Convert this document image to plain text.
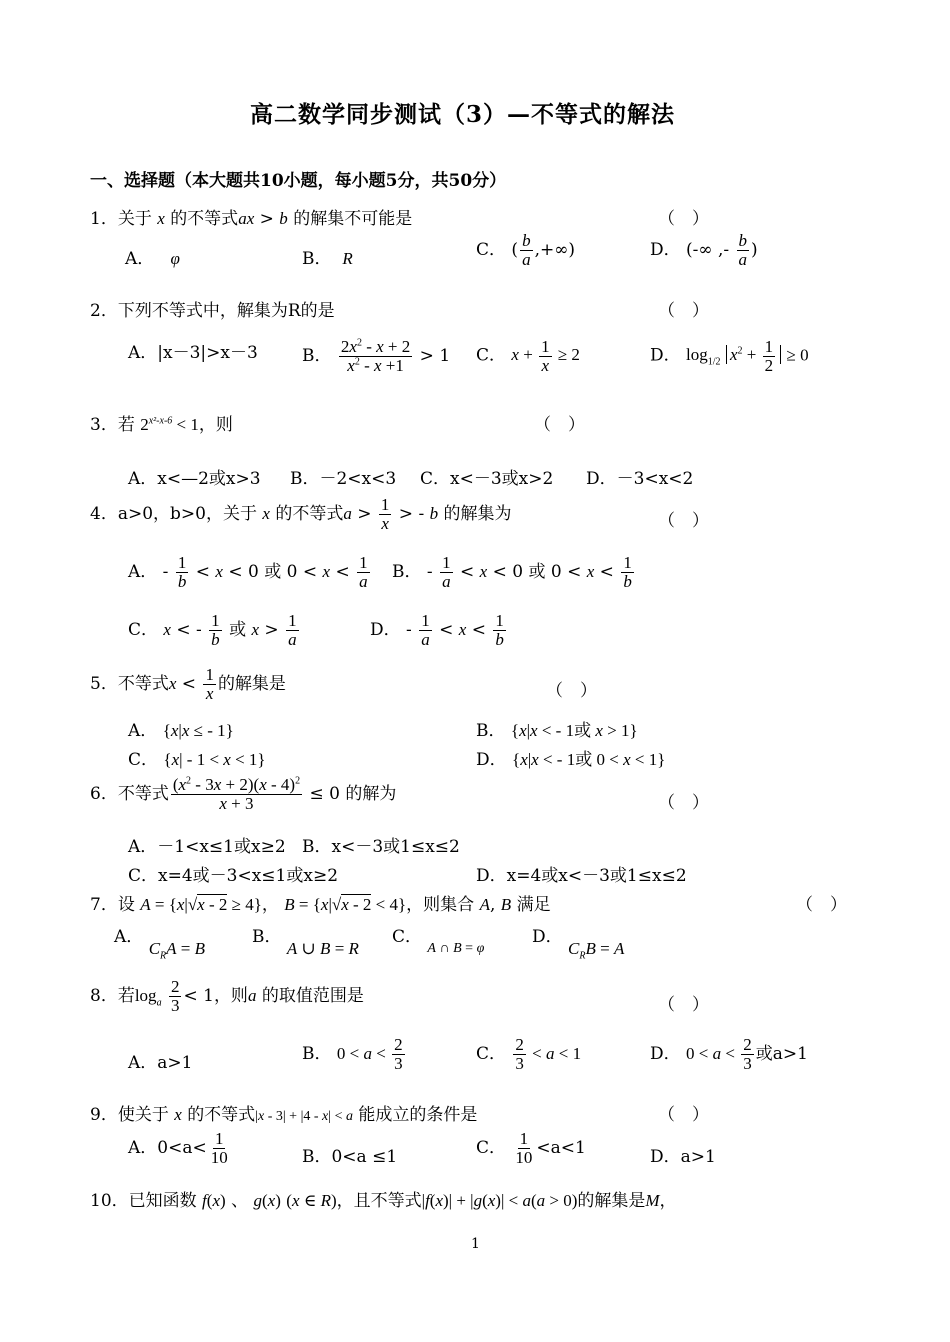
高二数学同步测试（3）—不等式的解法
一、选择题（本大题共10小题，每小题5分，共50分）
1．关于 x 的不等式ax > b 的解集不可能是	（　）
A． φ	B． R	C． ( $\frac{b}{a}$ ,+∞)	D． (-∞ ,- $\frac{b}{a}$ )
2．下列不等式中，解集为R的是	（　）
A．|x－3|>x－3	B． $\frac{2x^2 - x + 2}{x^2 - x +1} > 1$ C． $x + \frac{1}{x} \ge 2$	D． $\log_{1/2} x^2 + \frac{1}{2} \ge 0$
3．若 $2^{x^2-x-6} < 1$，则	（　）
A．x<—2或x>3 B．－2<x<3 C．x<－3或x>2 D．－3<x<2
4．a>0，b>0，关于 x 的不等式$a > \frac{1}{x}$ > - b 的解集为	（　）
A． - $\frac{1}{b} < x < 0$ 或 $0 < x < \frac{1}{a}$ B． - $\frac{1}{a} < x < 0$ 或 $0 < x < \frac{1}{b}$
C． x < - $\frac{1}{b}$ 或 $x > \frac{1}{a}$	D． - $\frac{1}{a} < x < \frac{1}{b}$
5．不等式$x < \frac{1}{x}$ 的解集是	（　）
A． {x|x ≤ - 1}	B． {x|x < - 1或 x > 1}
C． {x| - 1 < x < 1}	D． {x|x < - 1或 0 < x < 1}
6．不等式 $\frac{(x^2 - 3x + 2)(x - 4)^2}{x + 3} \le 0$ 的解为	（　）
A．－1<x≤1或x≥2 B．x<－3或1≤x≤2
C．x=4或－3<x≤1或x≥2	D．x=4或x<－3或1≤x≤2
7．设 A = {x|√x - 2 ≥ 4}， B = {x|√x - 2 < 4}，则集合 A, B 满足	（　）
A． $C_RA = B$
B． A ∪ B = R
C． $_{A \cap B = \varphi}$
D． $C_RB = A$
8．若$\log_a \frac{2}{3} < 1$，则a 的取值范围是	（　）
A．a>1	B． $0 < a < \frac{2}{3}$	C． $\frac{2}{3} < a < 1$	D． $0 < a < \frac{2}{3}$ 或a>1
9．使关于 x 的不等式|x - 3| + |4 - x| < a 能成立的条件是	（　）
A．$0<a< \frac{1}{10}$	B．0<a ≤1	C． $\frac{1}{10} <a<1$	D．a>1
10．已知函数 f(x) 、 g(x) (x ∈ R)，且不等式|f(x)| + |g(x)| < a(a > 0)的解集是M，
1
